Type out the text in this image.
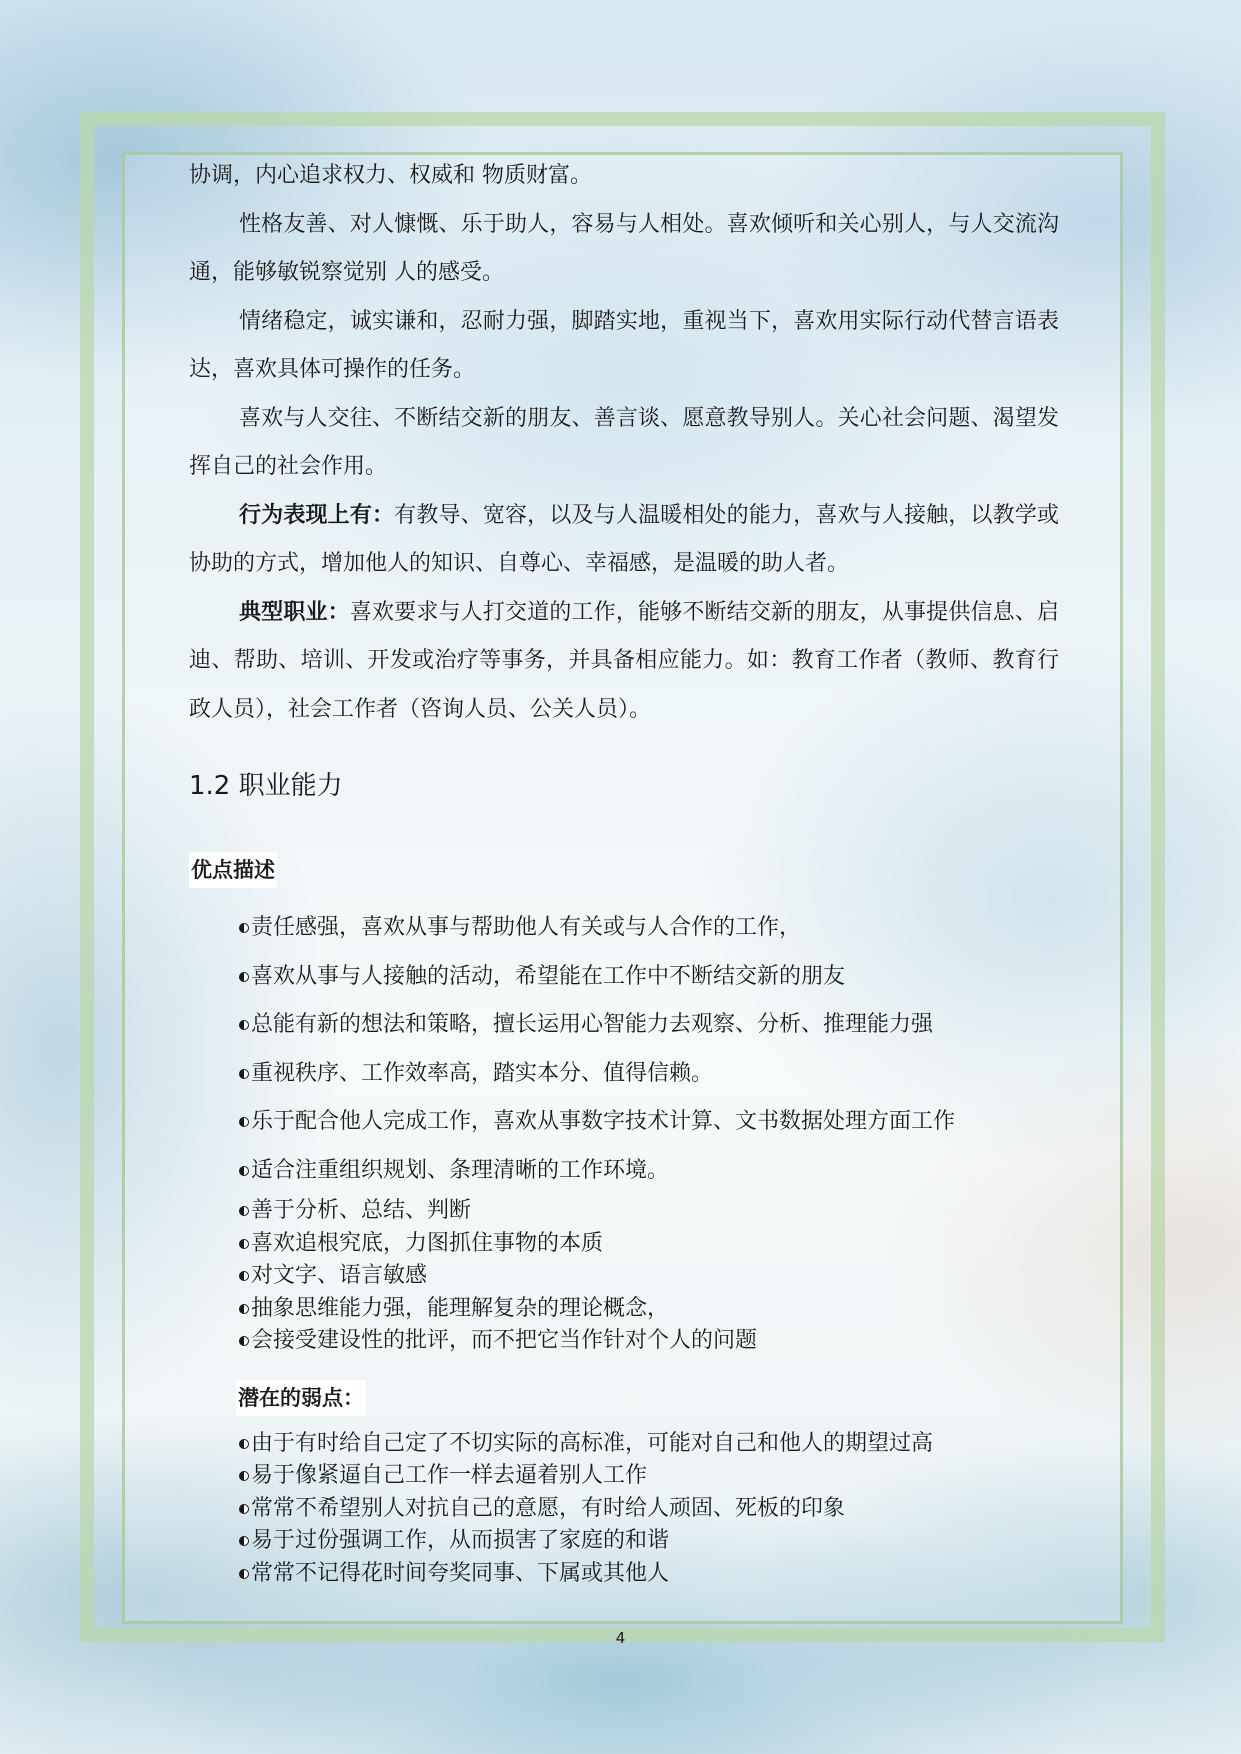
协调，内心追求权力、权威和 物质财富。

性格友善、对人慷慨、乐于助人，容易与人相处。喜欢倾听和关心别人，与人交流沟通，能够敏锐察觉别 人的感受。

情绪稳定，诚实谦和，忍耐力强，脚踏实地，重视当下，喜欢用实际行动代替言语表达，喜欢具体可操作的任务。

喜欢与人交往、不断结交新的朋友、善言谈、愿意教导别人。关心社会问题、渴望发挥自己的社会作用。

行为表现上有：有教导、宽容，以及与人温暖相处的能力，喜欢与人接触，以教学或协助的方式，增加他人的知识、自尊心、幸福感，是温暖的助人者。

典型职业：喜欢要求与人打交道的工作，能够不断结交新的朋友，从事提供信息、启迪、帮助、培训、开发或治疗等事务，并具备相应能力。如：教育工作者（教师、教育行政人员），社会工作者（咨询人员、公关人员）。

1.2 职业能力
优点描述
责任感强，喜欢从事与帮助他人有关或与人合作的工作，
喜欢从事与人接触的活动，希望能在工作中不断结交新的朋友
总能有新的想法和策略，擅长运用心智能力去观察、分析、推理能力强
重视秩序、工作效率高，踏实本分、值得信赖。
乐于配合他人完成工作，喜欢从事数字技术计算、文书数据处理方面工作
适合注重组织规划、条理清晰的工作环境。
善于分析、总结、判断
喜欢追根究底，力图抓住事物的本质
对文字、语言敏感
抽象思维能力强，能理解复杂的理论概念，
会接受建设性的批评，而不把它当作针对个人的问题
潜在的弱点：
由于有时给自己定了不切实际的高标准，可能对自己和他人的期望过高
易于像紧逼自己工作一样去逼着别人工作
常常不希望别人对抗自己的意愿，有时给人顽固、死板的印象
易于过份强调工作，从而损害了家庭的和谐
常常不记得花时间夸奖同事、下属或其他人
4
